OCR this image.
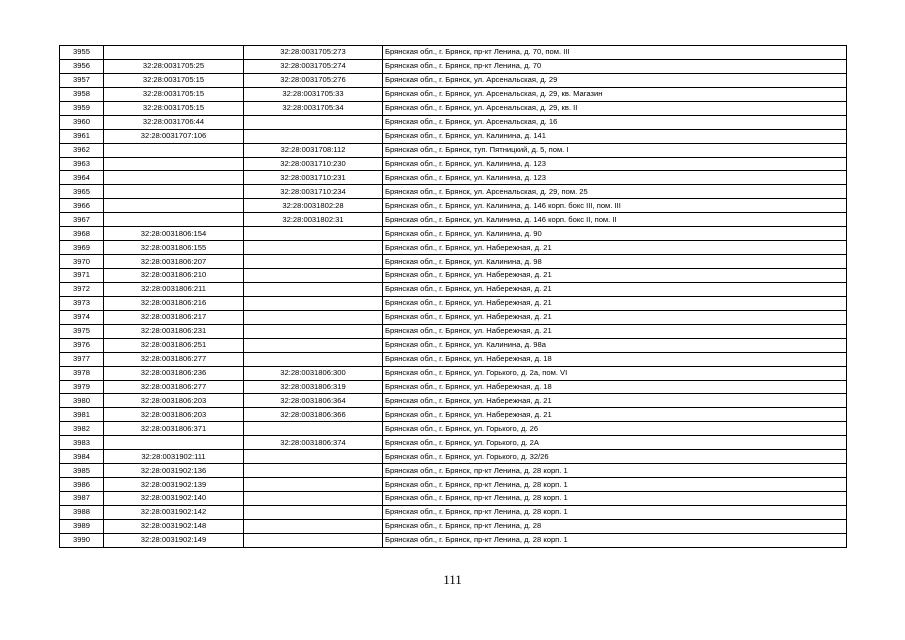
3955		32:28:0031705:273	Брянская обл., г. Брянск, пр-кт Ленина, д. 70, пом. III
3956	32:28:0031705:25	32:28:0031705:274	Брянская обл., г. Брянск, пр-кт Ленина, д. 70
3957	32:28:0031705:15	32:28:0031705:276	Брянская обл., г. Брянск, ул. Арсенальская, д. 29
3958	32:28:0031705:15	32:28:0031705:33	Брянская обл., г. Брянск, ул. Арсенальская, д. 29, кв. Магазин
3959	32:28:0031705:15	32:28:0031705:34	Брянская обл., г. Брянск, ул. Арсенальская, д. 29, кв. II
3960	32:28:0031706:44		Брянская обл., г. Брянск, ул. Арсенальская, д. 16
3961	32:28:0031707:106		Брянская обл., г. Брянск, ул. Калинина, д. 141
3962		32:28:0031708:112	Брянская обл., г. Брянск, туп. Пятницкий, д. 5, пом. I
3963		32:28:0031710:230	Брянская обл., г. Брянск, ул. Калинина, д. 123
3964		32:28:0031710:231	Брянская обл., г. Брянск, ул. Калинина, д. 123
3965		32:28:0031710:234	Брянская обл., г. Брянск, ул. Арсенальская, д. 29, пом. 25
3966		32:28:0031802:28	Брянская обл., г. Брянск, ул. Калинина, д. 146 корп. бокс III, пом. III
3967		32:28:0031802:31	Брянская обл., г. Брянск, ул. Калинина, д. 146 корп. бокс II, пом. II
3968	32:28:0031806:154		Брянская обл., г. Брянск, ул. Калинина, д. 90
3969	32:28:0031806:155		Брянская обл., г. Брянск, ул. Набережная, д. 21
3970	32:28:0031806:207		Брянская обл., г. Брянск, ул. Калинина, д. 98
3971	32:28:0031806:210		Брянская обл., г. Брянск, ул. Набережная, д. 21
3972	32:28:0031806:211		Брянская обл., г. Брянск, ул. Набережная, д. 21
3973	32:28:0031806:216		Брянская обл., г. Брянск, ул. Набережная, д. 21
3974	32:28:0031806:217		Брянская обл., г. Брянск, ул. Набережная, д. 21
3975	32:28:0031806:231		Брянская обл., г. Брянск, ул. Набережная, д. 21
3976	32:28:0031806:251		Брянская обл., г. Брянск, ул. Калинина, д. 98а
3977	32:28:0031806:277		Брянская обл., г. Брянск, ул. Набережная, д. 18
3978	32:28:0031806:236	32:28:0031806:300	Брянская обл., г. Брянск, ул. Горького, д. 2а, пом. VI
3979	32:28:0031806:277	32:28:0031806:319	Брянская обл., г. Брянск, ул. Набережная, д. 18
3980	32:28:0031806:203	32:28:0031806:364	Брянская обл., г. Брянск, ул. Набережная, д. 21
3981	32:28:0031806:203	32:28:0031806:366	Брянская обл., г. Брянск, ул. Набережная, д. 21
3982	32:28:0031806:371		Брянская обл., г. Брянск, ул. Горького, д. 26
3983		32:28:0031806:374	Брянская обл., г. Брянск, ул. Горького, д. 2А
3984	32:28:0031902:111		Брянская обл., г. Брянск, ул. Горького, д. 32/26
3985	32:28:0031902:136		Брянская обл., г. Брянск, пр-кт Ленина, д. 28 корп. 1
3986	32:28:0031902:139		Брянская обл., г. Брянск, пр-кт Ленина, д. 28 корп. 1
3987	32:28:0031902:140		Брянская обл., г. Брянск, пр-кт Ленина, д. 28 корп. 1
3988	32:28:0031902:142		Брянская обл., г. Брянск, пр-кт Ленина, д. 28 корп. 1
3989	32:28:0031902:148		Брянская обл., г. Брянск, пр-кт Ленина, д. 28
3990	32:28:0031902:149		Брянская обл., г. Брянск, пр-кт Ленина, д. 28 корп. 1
111
